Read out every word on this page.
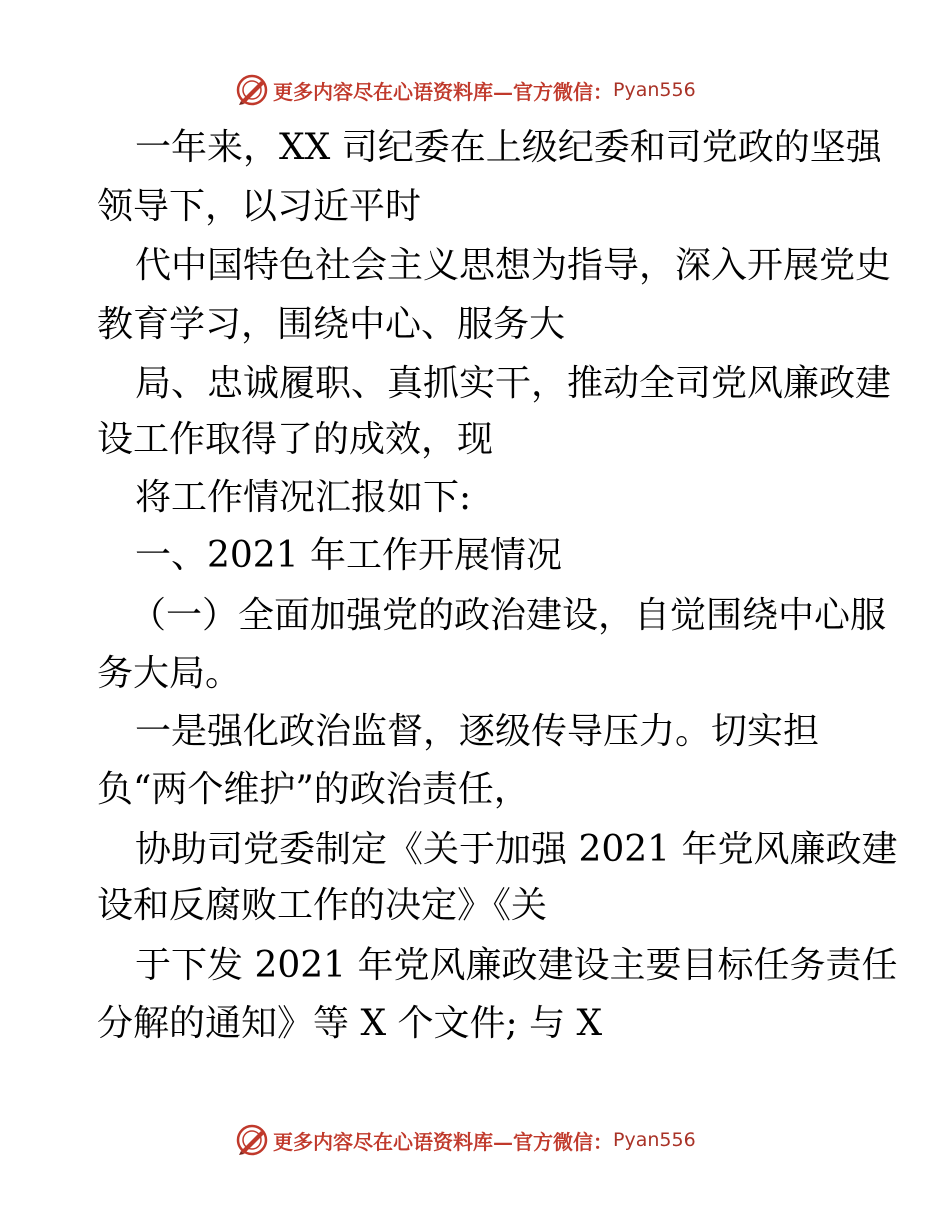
更多内容尽在心语资料库—官方微信： Pyan556
一年来，XX 司纪委在上级纪委和司党政的坚强
领导下，以习近平时
代中国特色社会主义思想为指导，深入开展党史
教育学习，围绕中心、服务大
局、忠诚履职、真抓实干，推动全司党风廉政建
设工作取得了的成效，现
将工作情况汇报如下:
一、2021 年工作开展情况
（一）全面加强党的政治建设，自觉围绕中心服
务大局。
一是强化政治监督，逐级传导压力。切实担
负“两个维护”的政治责任，
协助司党委制定《关于加强 2021 年党风廉政建
设和反腐败工作的决定》《关
于下发 2021 年党风廉政建设主要目标任务责任
分解的通知》等 X 个文件; 与 X
更多内容尽在心语资料库—官方微信： Pyan556
